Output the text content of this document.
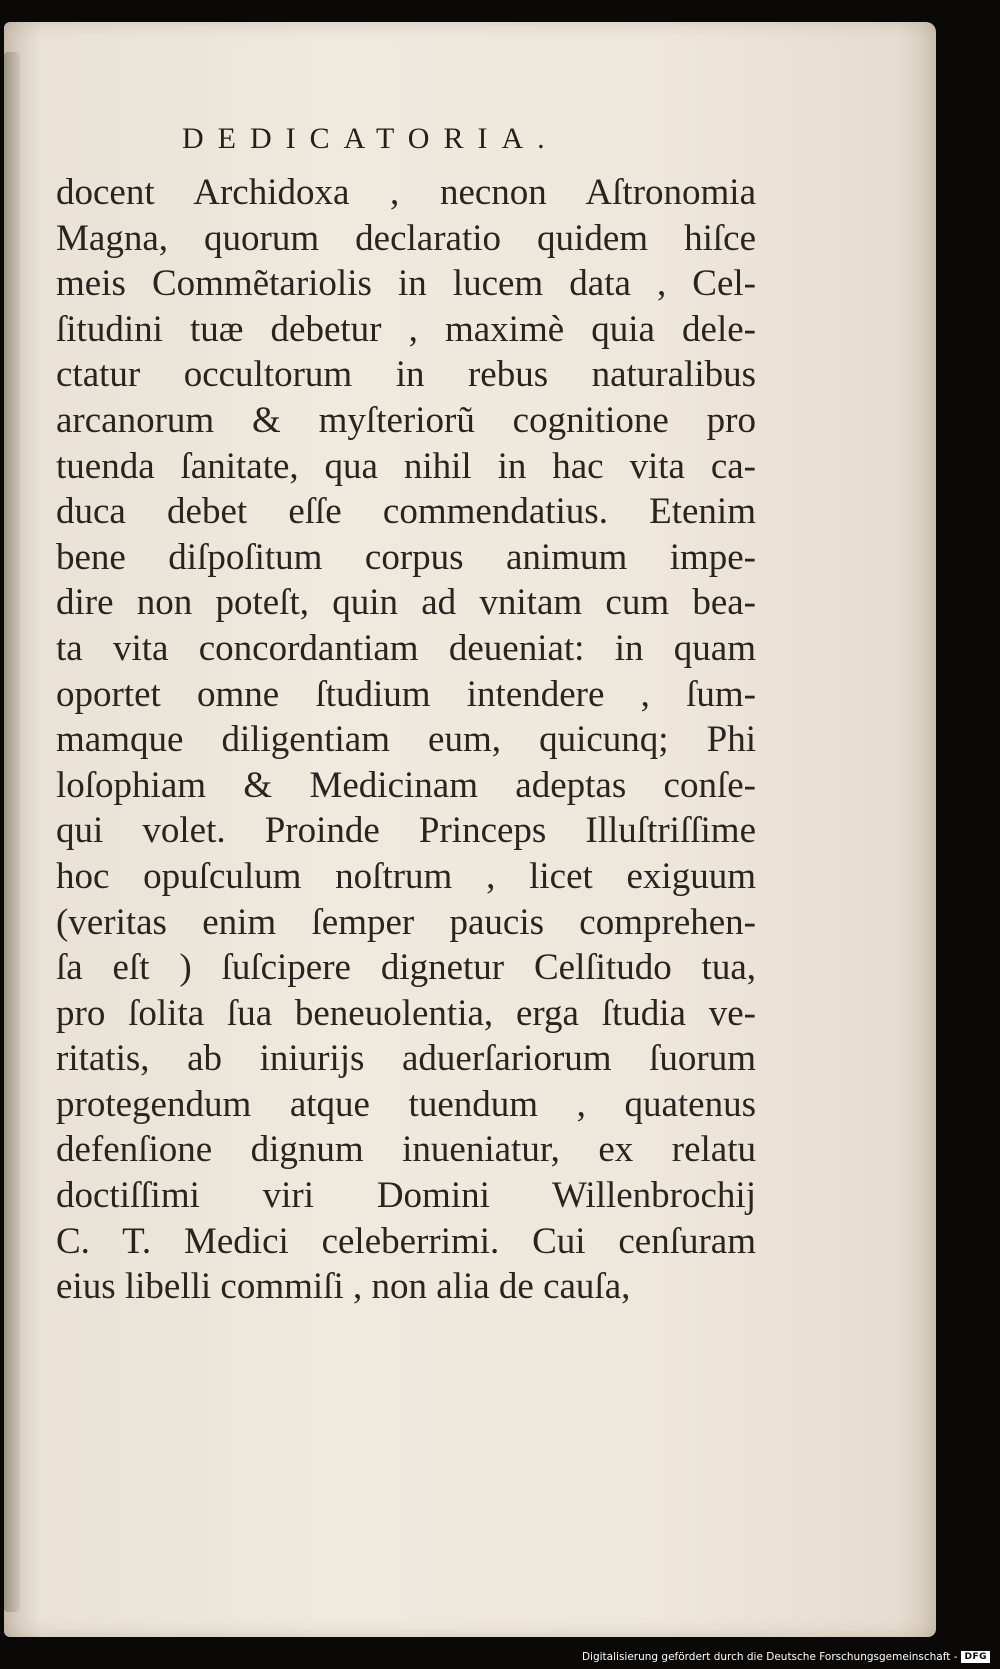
DEDICATORIA.
docent Archidoxa , necnon Aſtronomia
Magna, quorum declaratio quidem hiſce
meis Commẽtariolis in lucem data , Cel-
ſitudini tuæ debetur , maximè quia dele-
ctatur occultorum in rebus naturalibus
arcanorum & myſteriorũ cognitione pro
tuenda ſanitate, qua nihil in hac vita ca-
duca debet eſſe commendatius. Etenim
bene diſpoſitum corpus animum impe-
dire non poteſt, quin ad vnitam cum bea-
ta vita concordantiam deueniat: in quam
oportet omne ſtudium intendere , ſum-
mamque diligentiam eum, quicunq; Phi
loſophiam & Medicinam adeptas conſe-
qui volet. Proinde Princeps Illuſtriſſime
hoc opuſculum noſtrum , licet exiguum
(veritas enim ſemper paucis comprehen-
ſa eſt ) ſuſcipere dignetur Celſitudo tua,
pro ſolita ſua beneuolentia, erga ſtudia ve-
ritatis, ab iniurijs aduerſariorum ſuorum
protegendum atque tuendum , quatenus
defenſione dignum inueniatur, ex relatu
doctiſſimi viri Domini Willenbrochij
C. T. Medici celeberrimi. Cui cenſuram
eius libelli commiſi , non alia de cauſa,
Digitalisierung gefördert durch die Deutsche Forschungsgemeinschaft - DFG
